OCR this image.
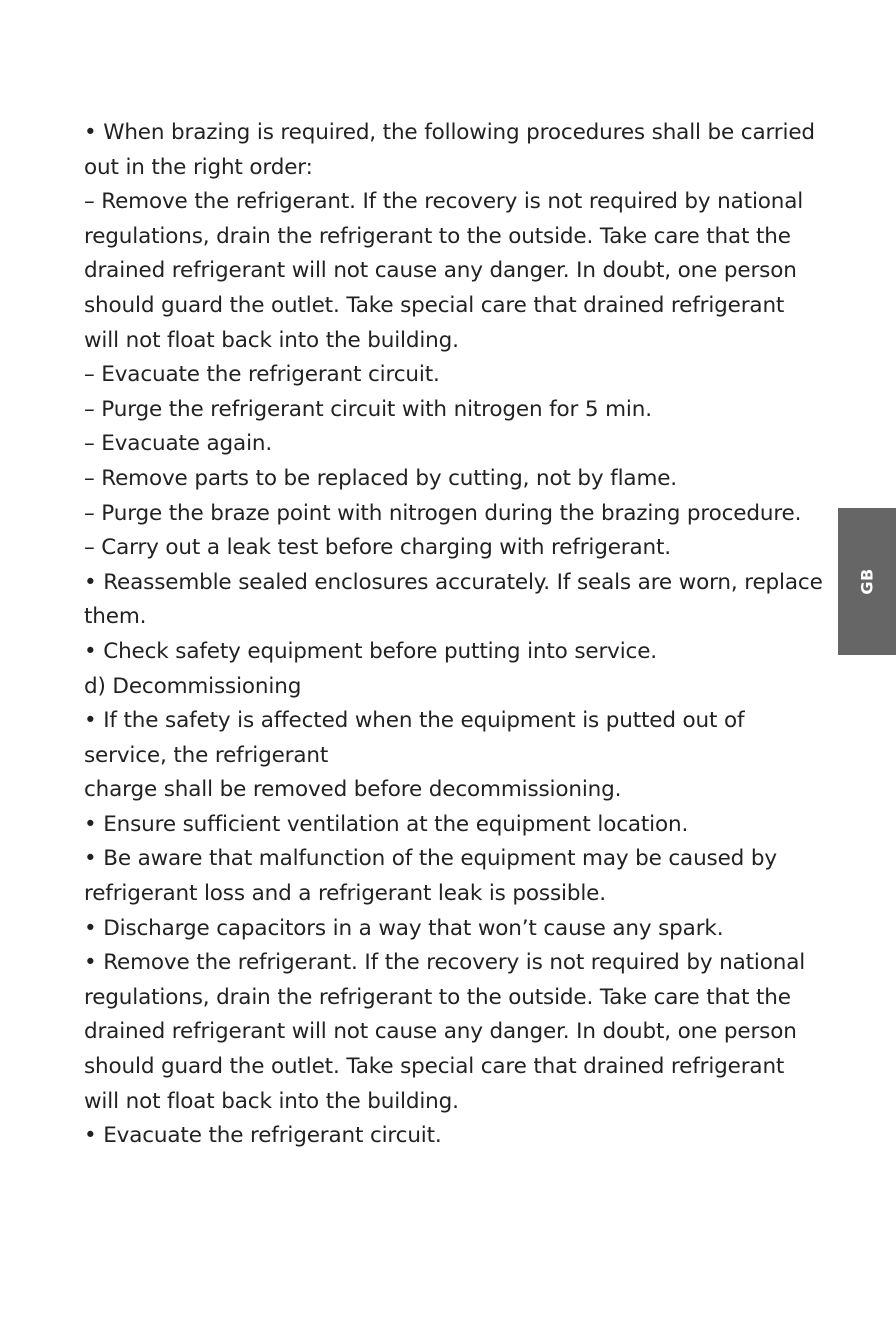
• When brazing is required, the following procedures shall be carried
out in the right order:
– Remove the refrigerant. If the recovery is not required by national
regulations, drain the refrigerant to the outside. Take care that the
drained refrigerant will not cause any danger. In doubt, one person
should guard the outlet. Take special care that drained refrigerant
will not float back into the building.
– Evacuate the refrigerant circuit.
– Purge the refrigerant circuit with nitrogen for 5 min.
– Evacuate again.
– Remove parts to be replaced by cutting, not by flame.
– Purge the braze point with nitrogen during the brazing procedure.
– Carry out a leak test before charging with refrigerant.
• Reassemble sealed enclosures accurately. If seals are worn, replace
them.
• Check safety equipment before putting into service.
d) Decommissioning
• If the safety is affected when the equipment is putted out of
service, the refrigerant
charge shall be removed before decommissioning.
• Ensure sufficient ventilation at the equipment location.
• Be aware that malfunction of the equipment may be caused by
refrigerant loss and a refrigerant leak is possible.
• Discharge capacitors in a way that won’t cause any spark.
• Remove the refrigerant. If the recovery is not required by national
regulations, drain the refrigerant to the outside. Take care that the
drained refrigerant will not cause any danger. In doubt, one person
should guard the outlet. Take special care that drained refrigerant
will not float back into the building.
• Evacuate the refrigerant circuit.
GB
